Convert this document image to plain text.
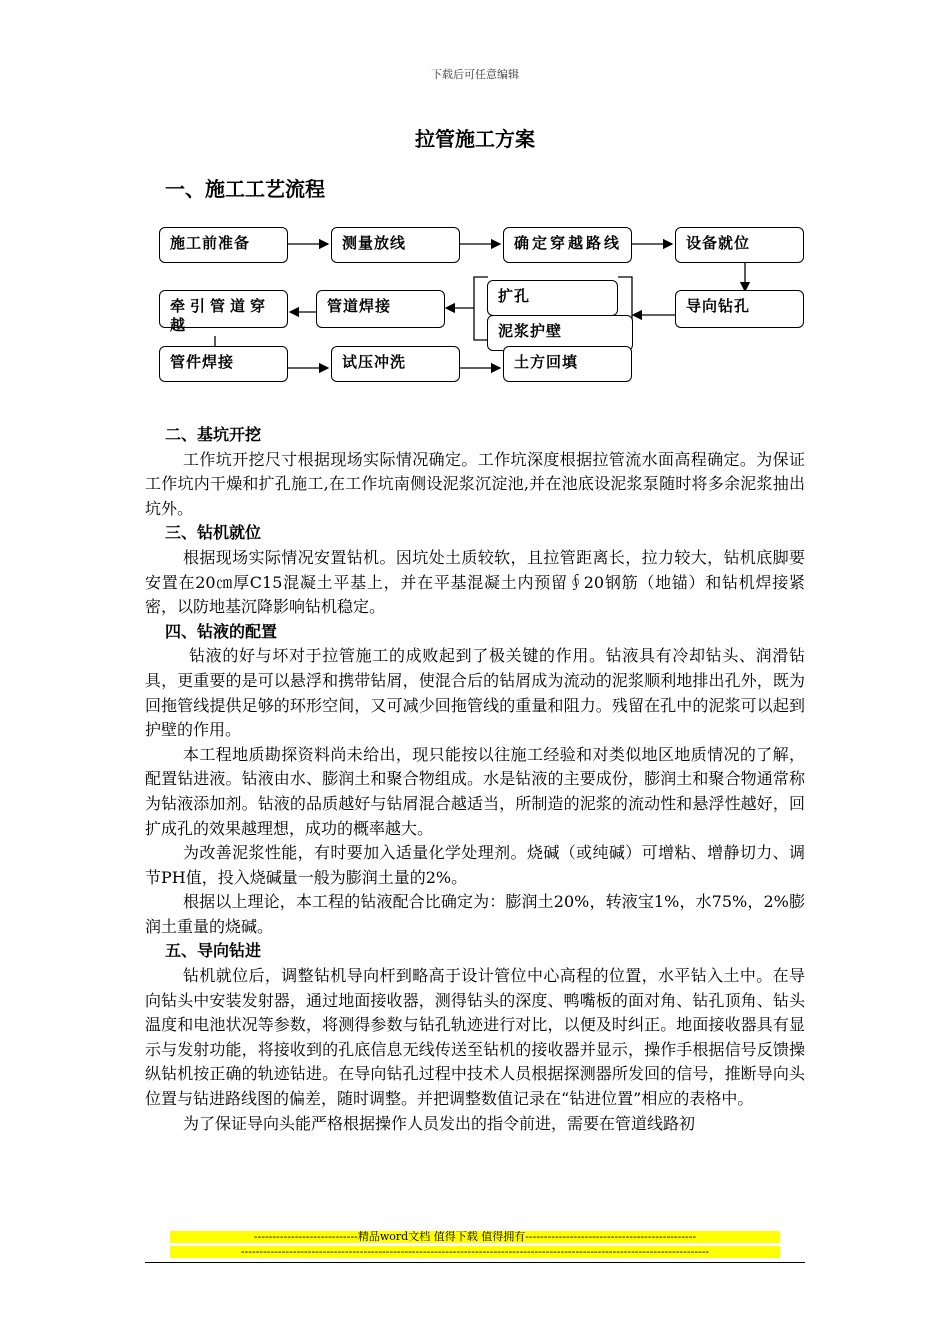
下载后可任意编辑
拉管施工方案
一、施工工艺流程
施工前准备	测量放线	确定穿越路线	设备就位
牵引管道穿越
管道焊接
扩孔
泥浆护壁
导向钻孔
管件焊接	试压冲洗	土方回填

二、基坑开挖

工作坑开挖尺寸根据现场实际情况确定。工作坑深度根据拉管流水面高程确定。为保证工作坑内干燥和扩孔施工,在工作坑南侧设泥浆沉淀池,并在池底设泥浆泵随时将多余泥浆抽出坑外。

三、钻机就位

根据现场实际情况安置钻机。因坑处土质较软，且拉管距离长，拉力较大，钻机底脚要安置在20㎝厚C15混凝土平基上，并在平基混凝土内预留∮20钢筋（地锚）和钻机焊接紧密，以防地基沉降影响钻机稳定。

四、钻液的配置

钻液的好与坏对于拉管施工的成败起到了极关键的作用。钻液具有冷却钻头、润滑钻具，更重要的是可以悬浮和携带钻屑，使混合后的钻屑成为流动的泥浆顺利地排出孔外，既为回拖管线提供足够的环形空间，又可减少回拖管线的重量和阻力。残留在孔中的泥浆可以起到护壁的作用。

本工程地质勘探资料尚未给出，现只能按以往施工经验和对类似地区地质情况的了解，配置钻进液。钻液由水、膨润土和聚合物组成。水是钻液的主要成份，膨润土和聚合物通常称为钻液添加剂。钻液的品质越好与钻屑混合越适当，所制造的泥浆的流动性和悬浮性越好，回扩成孔的效果越理想，成功的概率越大。

为改善泥浆性能，有时要加入适量化学处理剂。烧碱（或纯碱）可增粘、增静切力、调节PH值，投入烧碱量一般为膨润土量的2%。

根据以上理论，本工程的钻液配合比确定为：膨润土20%，转液宝1%，水75%，2%膨润土重量的烧碱。

五、导向钻进

钻机就位后，调整钻机导向杆到略高于设计管位中心高程的位置，水平钻入土中。在导向钻头中安装发射器，通过地面接收器，测得钻头的深度、鸭嘴板的面对角、钻孔顶角、钻头温度和电池状况等参数，将测得参数与钻孔轨迹进行对比，以便及时纠正。地面接收器具有显示与发射功能，将接收到的孔底信息无线传送至钻机的接收器并显示，操作手根据信号反馈操纵钻机按正确的轨迹钻进。在导向钻孔过程中技术人员根据探测器所发回的信号，推断导向头位置与钻进路线图的偏差，随时调整。并把调整数值记录在“钻进位置”相应的表格中。

为了保证导向头能严格根据操作人员发出的指令前进，需要在管道线路初

----------------------------精品word文档 值得下载 值得拥有----------------------------------------------
------------------------------------------------------------------------------------------------------------------------------
